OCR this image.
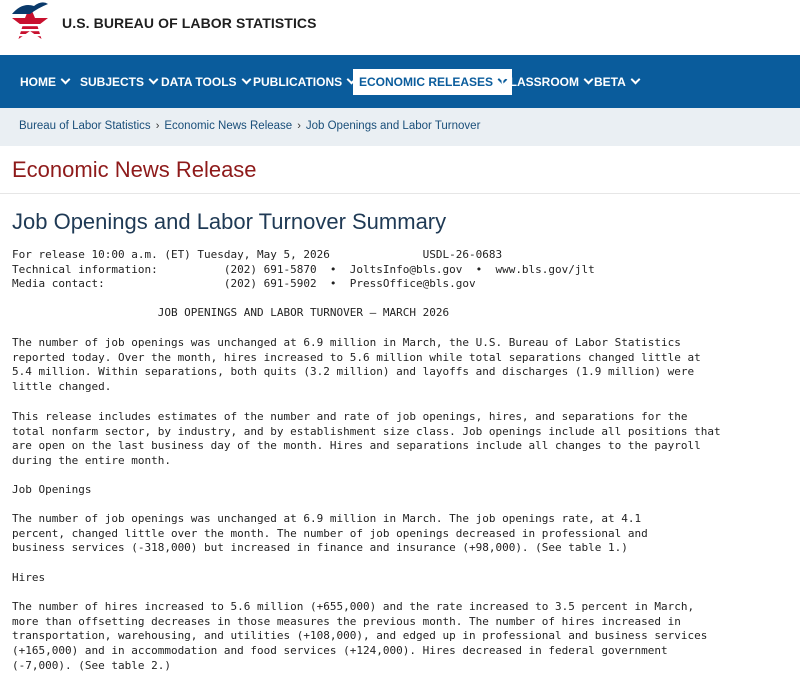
U.S. BUREAU OF LABOR STATISTICS
HOME	SUBJECTS	DATA TOOLS	PUBLICATIONS	ECONOMIC RELEASES CLASSROOM	BETA
Bureau of Labor Statistics › Economic News Release › Job Openings and Labor Turnover
Economic News Release
Job Openings and Labor Turnover Summary
For release 10:00 a.m. (ET) Tuesday, May 5, 2026              USDL-26-0683
Technical information:          (202) 691-5870  •  JoltsInfo@bls.gov  •  www.bls.gov/jlt
Media contact:                  (202) 691-5902  •  PressOffice@bls.gov
JOB OPENINGS AND LABOR TURNOVER – MARCH 2026
The number of job openings was unchanged at 6.9 million in March, the U.S. Bureau of Labor Statistics
reported today. Over the month, hires increased to 5.6 million while total separations changed little at
5.4 million. Within separations, both quits (3.2 million) and layoffs and discharges (1.9 million) were
little changed.
This release includes estimates of the number and rate of job openings, hires, and separations for the
total nonfarm sector, by industry, and by establishment size class. Job openings include all positions that
are open on the last business day of the month. Hires and separations include all changes to the payroll
during the entire month.
Job Openings
The number of job openings was unchanged at 6.9 million in March. The job openings rate, at 4.1
percent, changed little over the month. The number of job openings decreased in professional and
business services (-318,000) but increased in finance and insurance (+98,000). (See table 1.)
Hires
The number of hires increased to 5.6 million (+655,000) and the rate increased to 3.5 percent in March,
more than offsetting decreases in those measures the previous month. The number of hires increased in
transportation, warehousing, and utilities (+108,000), and edged up in professional and business services
(+165,000) and in accommodation and food services (+124,000). Hires decreased in federal government
(-7,000). (See table 2.)
